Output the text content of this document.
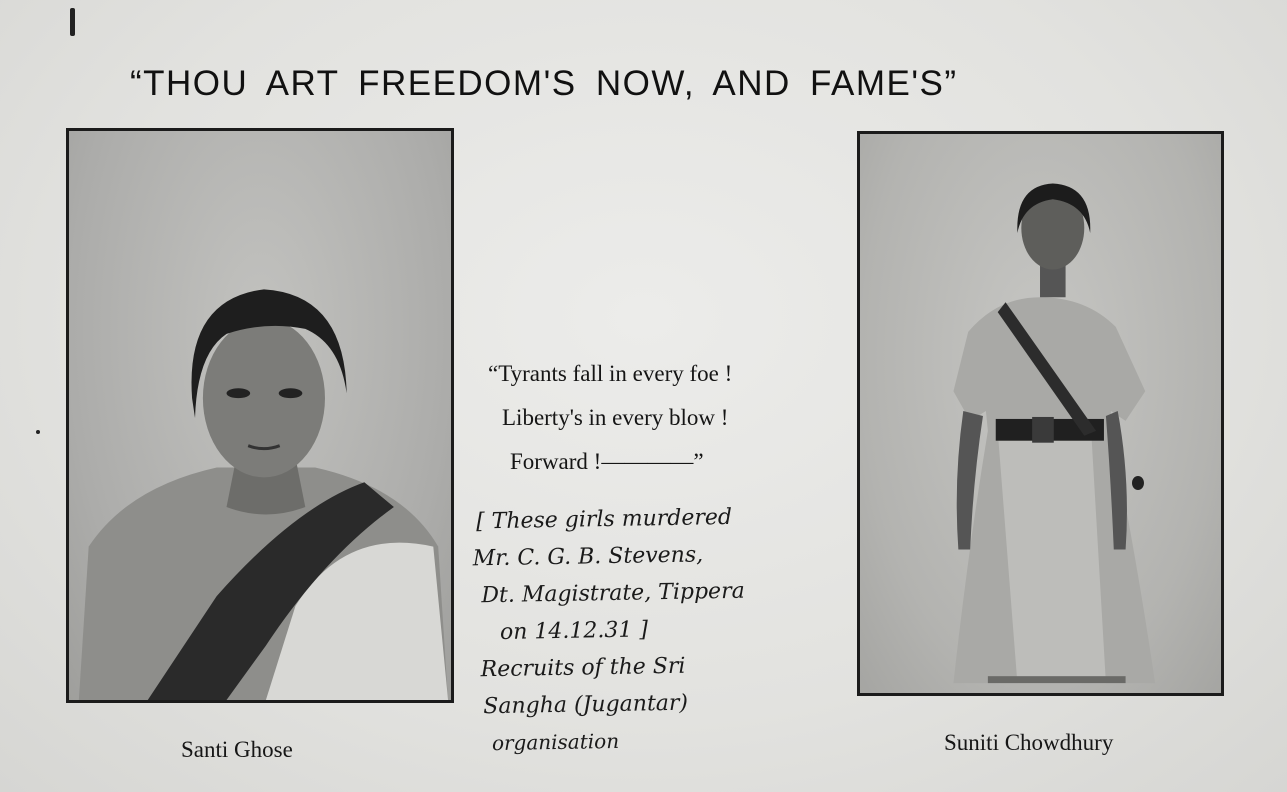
“THOU ART FREEDOM'S NOW, AND FAME'S”
Santi Ghose	Suniti Chowdhury
“Tyrants fall in every foe !
Liberty's in every blow !
Forward !————”
[ These girls murdered
Mr. C. G. B. Stevens,
Dt. Magistrate, Tippera
on 14.12.31 ]
Recruits of the Sri
Sangha (Jugantar)
organisation
